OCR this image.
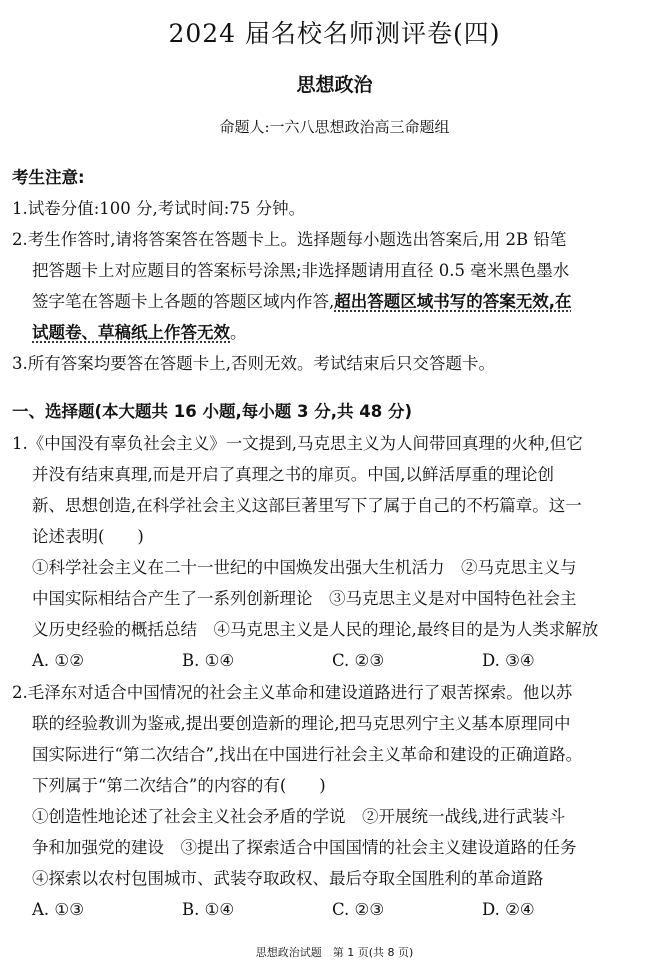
2024 届名校名师测评卷(四)
思想政治
命题人:一六八思想政治高三命题组
考生注意:
1.试卷分值:100 分,考试时间:75 分钟。
2.考生作答时,请将答案答在答题卡上。选择题每小题选出答案后,用 2B 铅笔
把答题卡上对应题目的答案标号涂黑;非选择题请用直径 0.5 毫米黑色墨水
签字笔在答题卡上各题的答题区域内作答,超出答题区域书写的答案无效,在
试题卷、草稿纸上作答无效。
3.所有答案均要答在答题卡上,否则无效。考试结束后只交答题卡。
一、选择题(本大题共 16 小题,每小题 3 分,共 48 分)
1.《中国没有辜负社会主义》一文提到,马克思主义为人间带回真理的火种,但它
并没有结束真理,而是开启了真理之书的扉页。中国,以鲜活厚重的理论创
新、思想创造,在科学社会主义这部巨著里写下了属于自己的不朽篇章。这一
论述表明(　　)
①科学社会主义在二十一世纪的中国焕发出强大生机活力　②马克思主义与
中国实际相结合产生了一系列创新理论　③马克思主义是对中国特色社会主
义历史经验的概括总结　④马克思主义是人民的理论,最终目的是为人类求解放
A. ①②	B. ①④	C. ②③	D. ③④
2.毛泽东对适合中国情况的社会主义革命和建设道路进行了艰苦探索。他以苏
联的经验教训为鉴戒,提出要创造新的理论,把马克思列宁主义基本原理同中
国实际进行“第二次结合”,找出在中国进行社会主义革命和建设的正确道路。
下列属于“第二次结合”的内容的有(　　)
①创造性地论述了社会主义社会矛盾的学说　②开展统一战线,进行武装斗
争和加强党的建设　③提出了探索适合中国国情的社会主义建设道路的任务
④探索以农村包围城市、武装夺取政权、最后夺取全国胜利的革命道路
A. ①③	B. ①④	C. ②③	D. ②④
思想政治试题　第 1 页(共 8 页)
